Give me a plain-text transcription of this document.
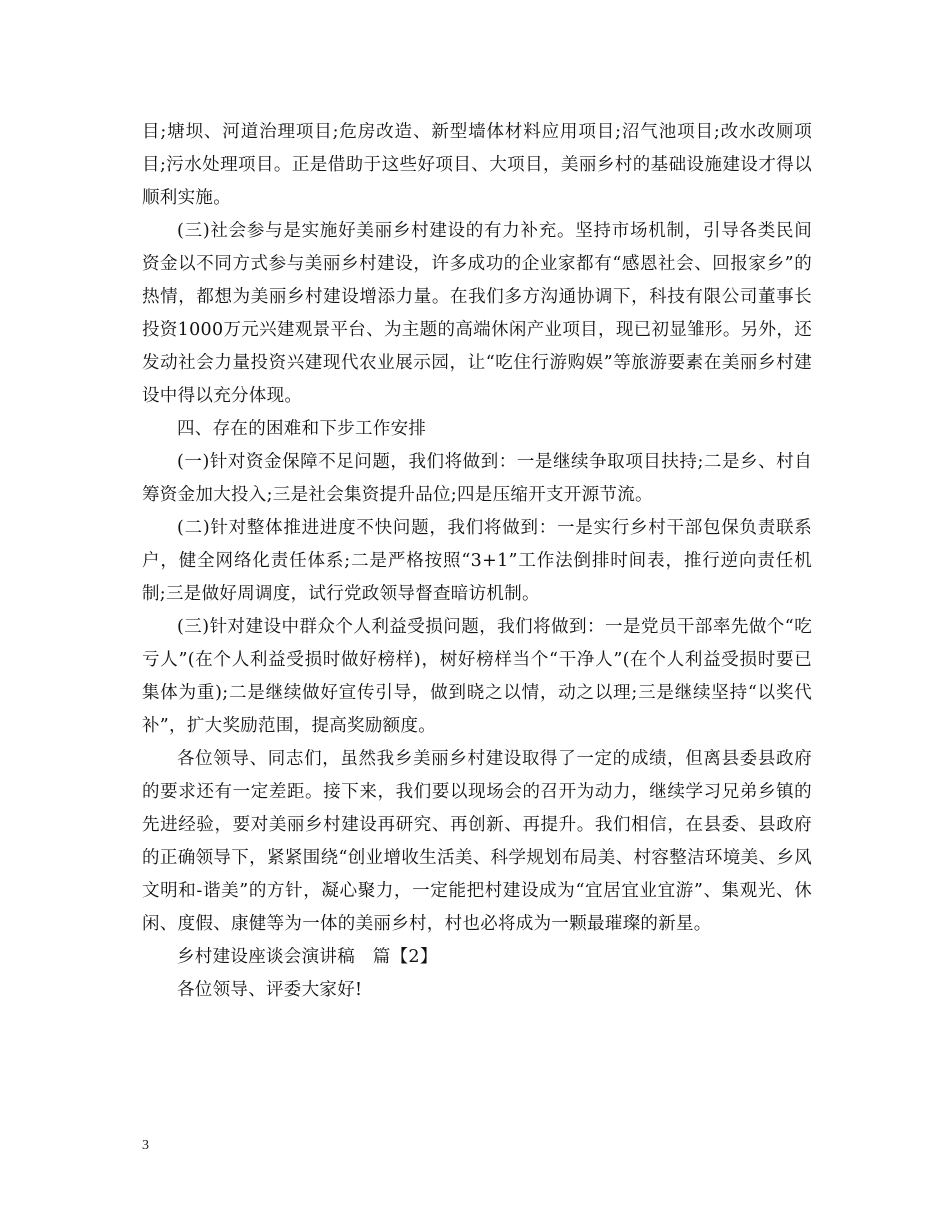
目;塘坝、河道治理项目;危房改造、新型墙体材料应用项目;沼气池项目;改水改厕项目;污水处理项目。正是借助于这些好项目、大项目，美丽乡村的基础设施建设才得以顺利实施。

(三)社会参与是实施好美丽乡村建设的有力补充。坚持市场机制，引导各类民间资金以不同方式参与美丽乡村建设，许多成功的企业家都有“感恩社会、回报家乡”的热情，都想为美丽乡村建设增添力量。在我们多方沟通协调下，科技有限公司董事长投资1000万元兴建观景平台、为主题的高端休闲产业项目，现已初显雏形。另外，还发动社会力量投资兴建现代农业展示园，让“吃住行游购娱”等旅游要素在美丽乡村建设中得以充分体现。

四、存在的困难和下步工作安排

(一)针对资金保障不足问题，我们将做到：一是继续争取项目扶持;二是乡、村自筹资金加大投入;三是社会集资提升品位;四是压缩开支开源节流。

(二)针对整体推进进度不快问题，我们将做到：一是实行乡村干部包保负责联系户，健全网络化责任体系;二是严格按照“3+1”工作法倒排时间表，推行逆向责任机制;三是做好周调度，试行党政领导督查暗访机制。

(三)针对建设中群众个人利益受损问题，我们将做到：一是党员干部率先做个“吃亏人”(在个人利益受损时做好榜样)，树好榜样当个“干净人”(在个人利益受损时要已集体为重);二是继续做好宣传引导，做到晓之以情，动之以理;三是继续坚持“以奖代补”，扩大奖励范围，提高奖励额度。

各位领导、同志们，虽然我乡美丽乡村建设取得了一定的成绩，但离县委县政府的要求还有一定差距。接下来，我们要以现场会的召开为动力，继续学习兄弟乡镇的先进经验，要对美丽乡村建设再研究、再创新、再提升。我们相信，在县委、县政府的正确领导下，紧紧围绕“创业增收生活美、科学规划布局美、村容整洁环境美、乡风文明和-谐美”的方针，凝心聚力，一定能把村建设成为“宜居宜业宜游”、集观光、休闲、度假、康健等为一体的美丽乡村，村也必将成为一颗最璀璨的新星。

乡村建设座谈会演讲稿　篇【2】

各位领导、评委大家好!

3
